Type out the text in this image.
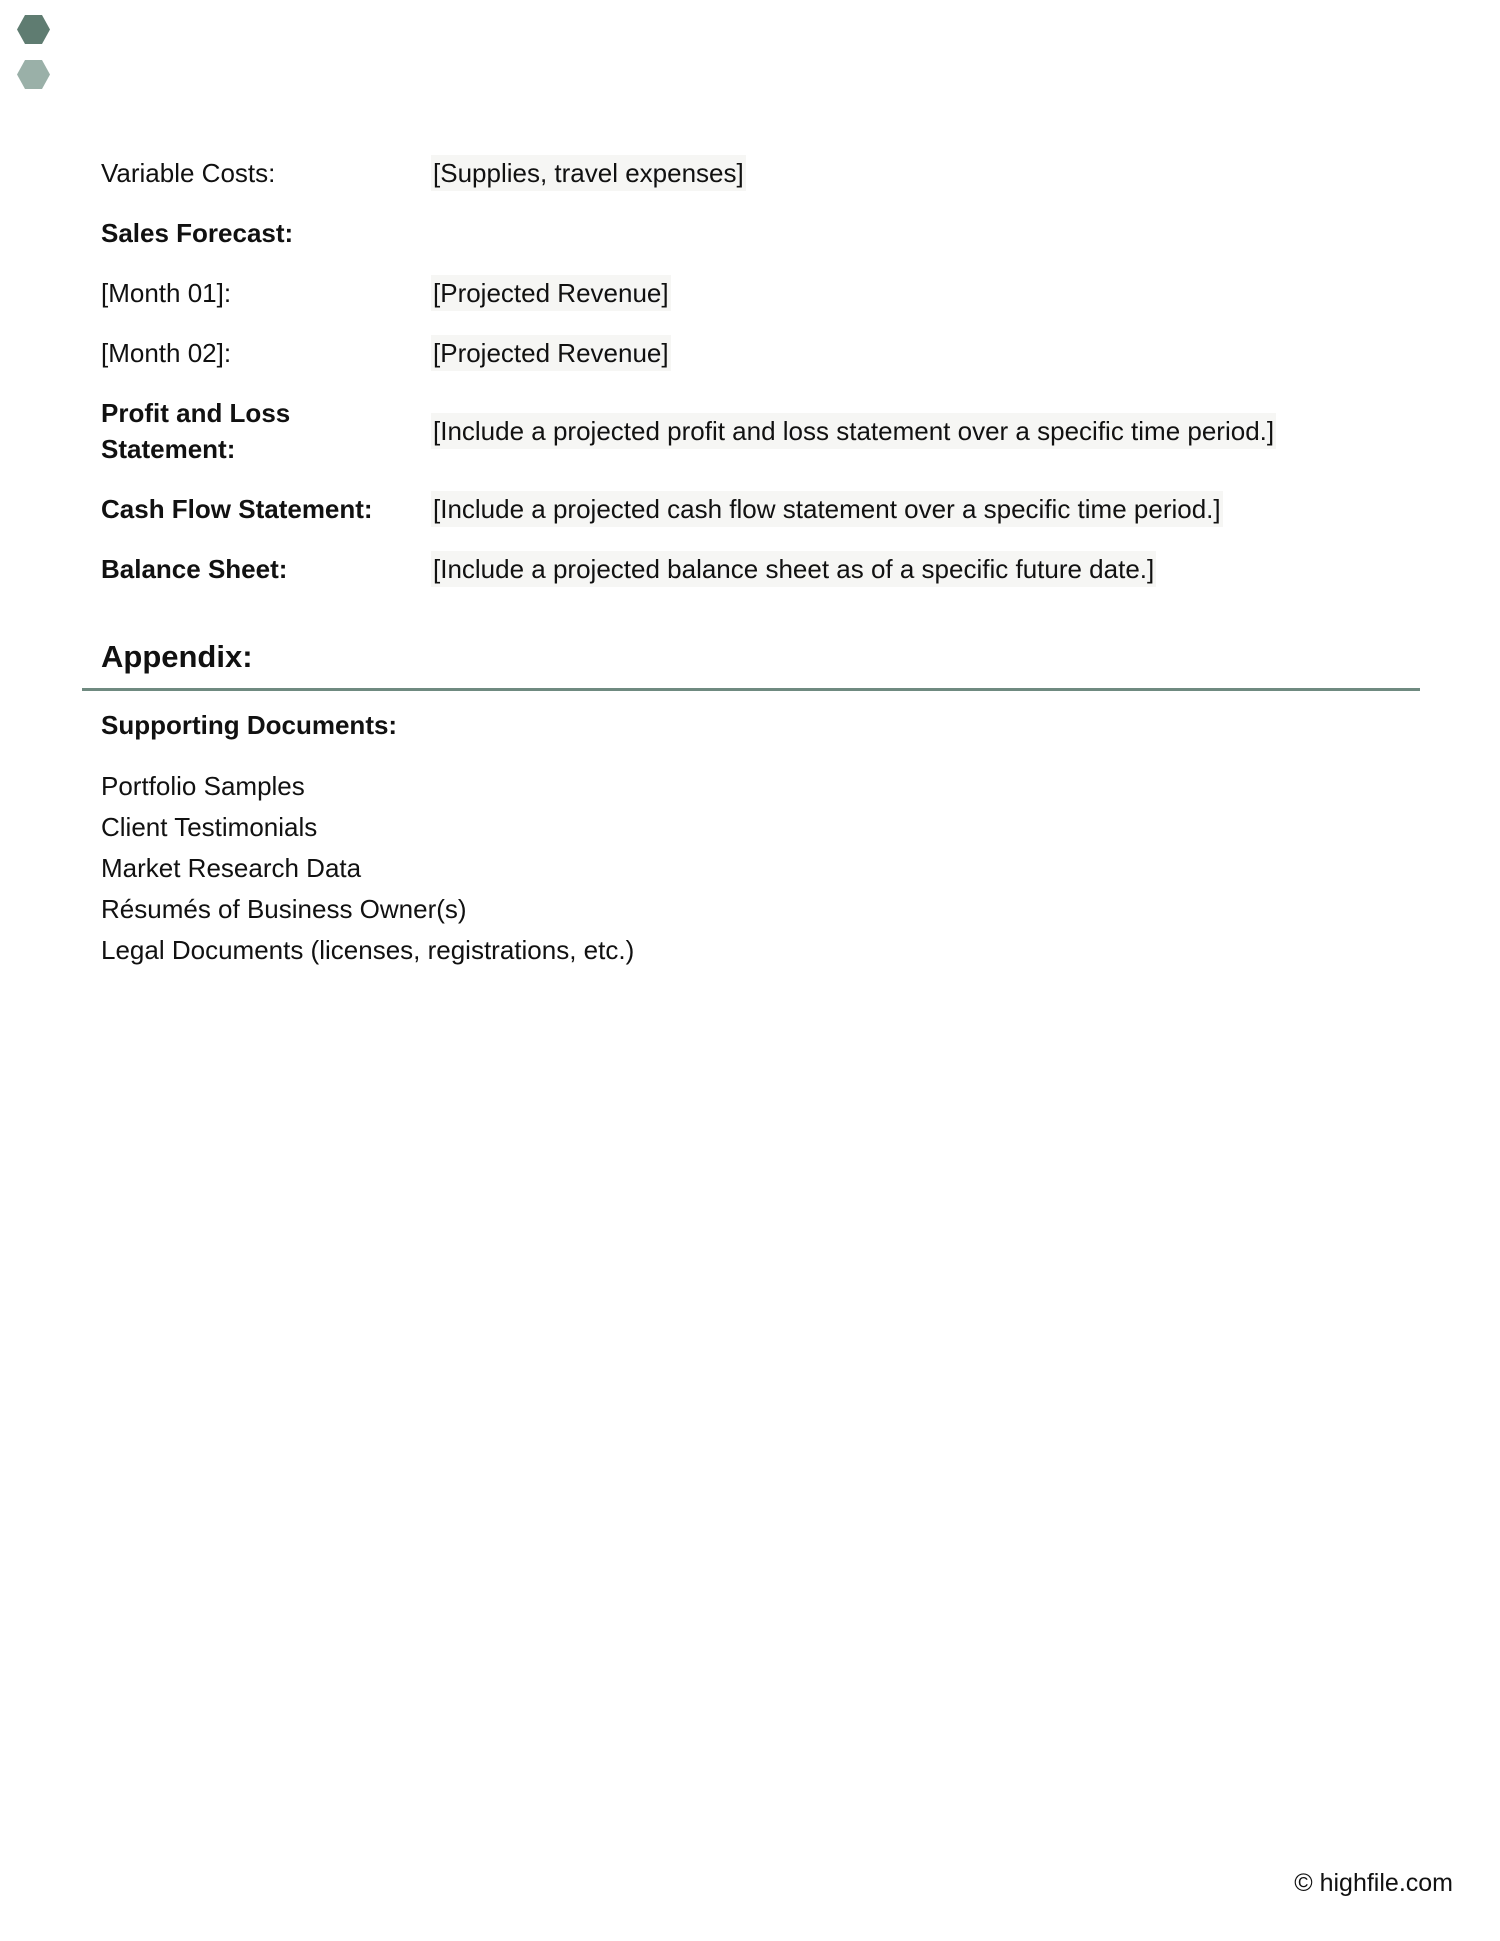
Variable Costs:	[Supplies, travel expenses]
Sales Forecast:
[Month 01]:	[Projected Revenue]
[Month 02]:	[Projected Revenue]
Profit and Loss
Statement:
[Include a projected profit and loss statement over a specific time period.]
Cash Flow Statement:	[Include a projected cash flow statement over a specific time period.]
Balance Sheet:	[Include a projected balance sheet as of a specific future date.]
Appendix:
Supporting Documents:
Portfolio Samples
Client Testimonials
Market Research Data
Résumés of Business Owner(s)
Legal Documents (licenses, registrations, etc.)
© highfile.com
